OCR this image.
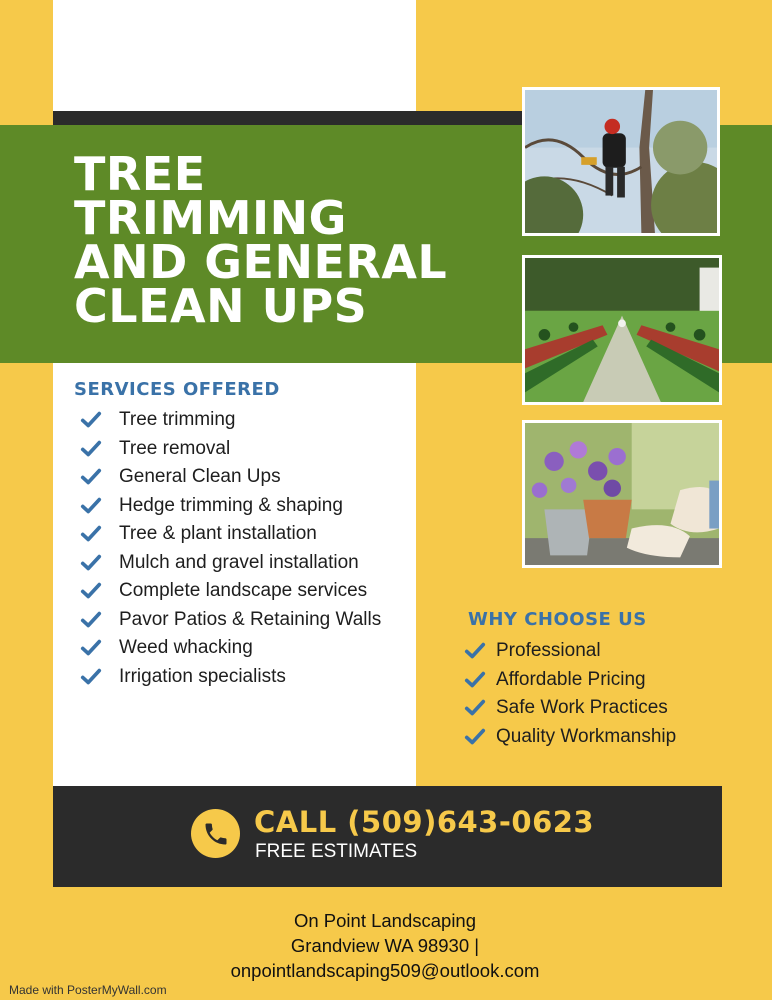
TREE
TRIMMING
AND GENERAL
CLEAN UPS
SERVICES OFFERED
Tree trimming
Tree removal
General Clean Ups
Hedge trimming & shaping
Tree & plant installation
Mulch and gravel installation
Complete landscape services
Pavor Patios & Retaining Walls
Weed whacking
Irrigation specialists
WHY CHOOSE US
Professional
Affordable Pricing
Safe Work Practices
Quality Workmanship
CALL (509)643-0623
FREE ESTIMATES
On Point Landscaping
Grandview WA 98930 |
onpointlandscaping509@outlook.com
Made with PosterMyWall.com
